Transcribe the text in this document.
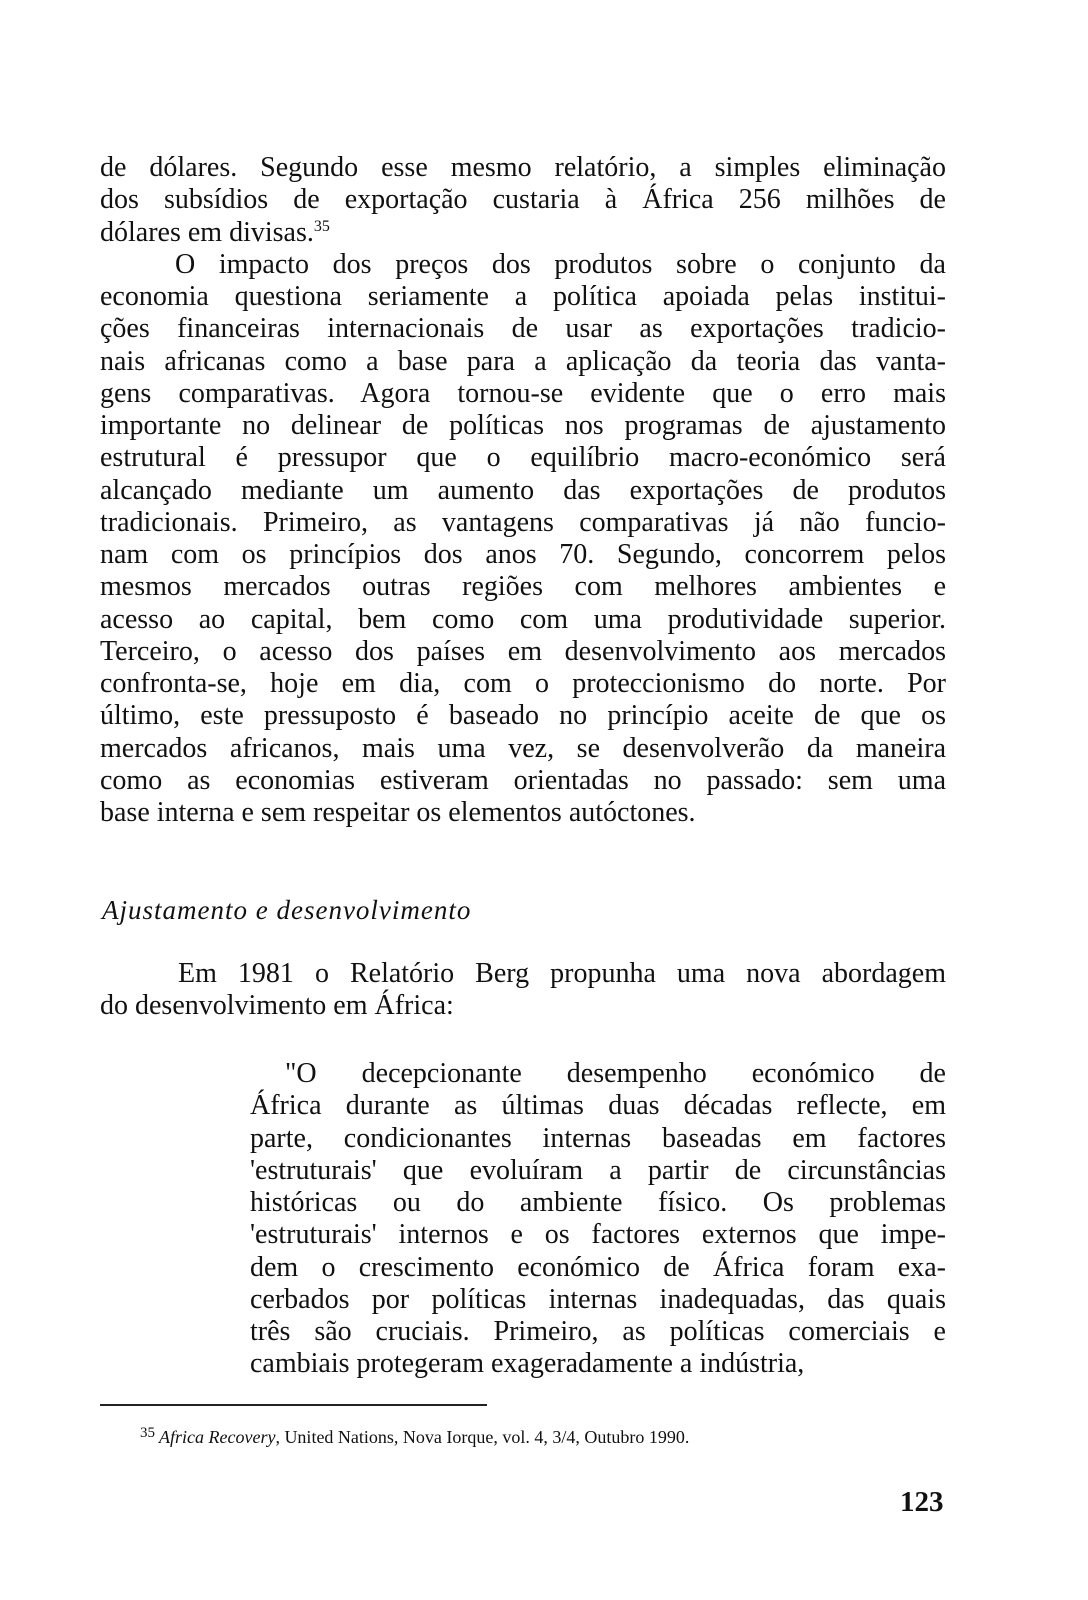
de dólares. Segundo esse mesmo relatório, a simples eliminação
dos subsídios de exportação custaria à África 256 milhões de
dólares em divisas.$^{35}$
O impacto dos preços dos produtos sobre o conjunto da
economia questiona seriamente a política apoiada pelas institui-
ções financeiras internacionais de usar as exportações tradicio-
nais africanas como a base para a aplicação da teoria das vanta-
gens comparativas. Agora tornou-se evidente que o erro mais
importante no delinear de políticas nos programas de ajustamento
estrutural é pressupor que o equilíbrio macro-económico será
alcançado mediante um aumento das exportações de produtos
tradicionais. Primeiro, as vantagens comparativas já não funcio-
nam com os princípios dos anos 70. Segundo, concorrem pelos
mesmos mercados outras regiões com melhores ambientes e
acesso ao capital, bem como com uma produtividade superior.
Terceiro, o acesso dos países em desenvolvimento aos mercados
confronta-se, hoje em dia, com o proteccionismo do norte. Por
último, este pressuposto é baseado no princípio aceite de que os
mercados africanos, mais uma vez, se desenvolverão da maneira
como as economias estiveram orientadas no passado: sem uma
base interna e sem respeitar os elementos autóctones.
Ajustamento e desenvolvimento
Em 1981 o Relatório Berg propunha uma nova abordagem
do desenvolvimento em África:
"O decepcionante desempenho económico de
África durante as últimas duas décadas reflecte, em
parte, condicionantes internas baseadas em factores
'estruturais' que evoluíram a partir de circunstâncias
históricas ou do ambiente físico. Os problemas
'estruturais' internos e os factores externos que impe-
dem o crescimento económico de África foram exa-
cerbados por políticas internas inadequadas, das quais
três são cruciais. Primeiro, as políticas comerciais e
cambiais protegeram exageradamente a indústria,
$^{35}$ Africa Recovery, United Nations, Nova Iorque, vol. 4, 3/4, Outubro 1990.
123
